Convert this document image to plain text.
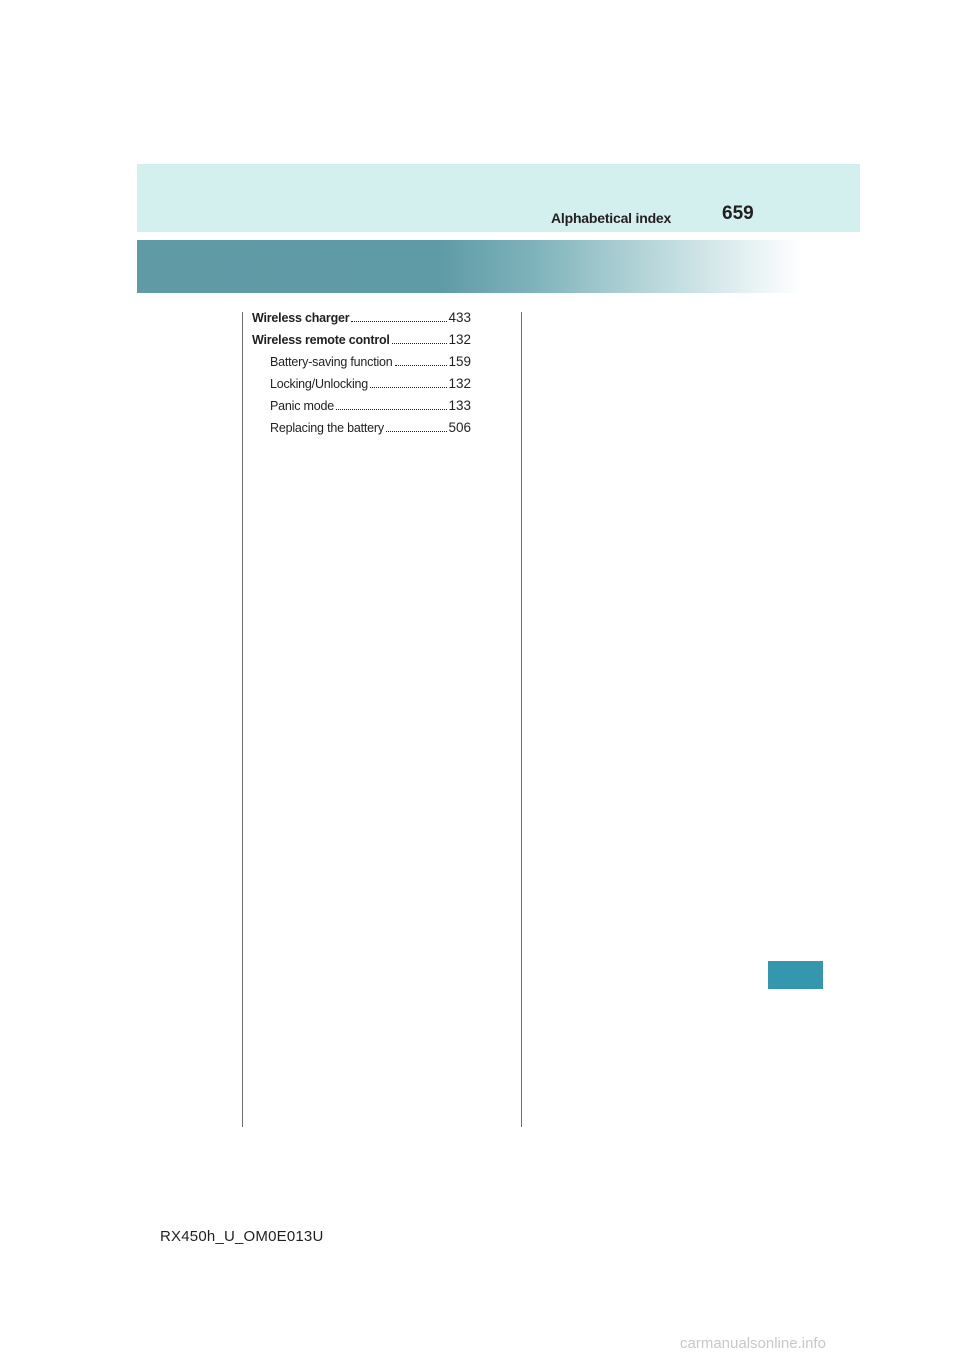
Alphabetical index	659
Wireless charger	433
Wireless remote control	132
Battery-saving function	159
Locking/Unlocking	132
Panic mode	133
Replacing the battery	506
RX450h_U_OM0E013U
carmanualsonline.info
